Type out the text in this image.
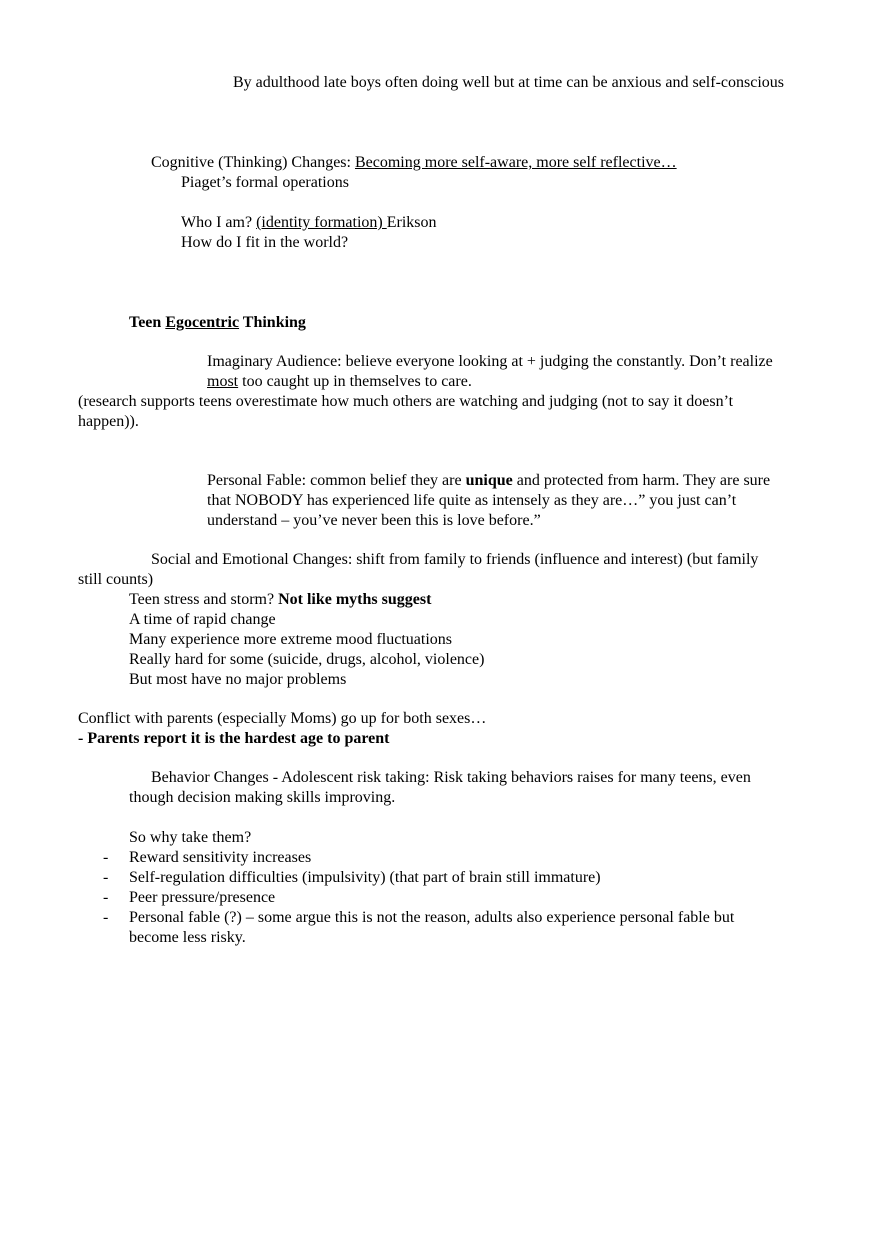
By adulthood late boys often doing well but at time can be anxious and self-conscious

Cognitive (Thinking) Changes: Becoming more self-aware, more self reflective…

Piaget’s formal operations

Who I am? (identity formation) Erikson

How do I fit in the world?

Teen Egocentric Thinking

Imaginary Audience: believe everyone looking at + judging the constantly. Don’t realize

most too caught up in themselves to care.

(research supports teens overestimate how much others are watching and judging (not to say it doesn’t

happen)).

Personal Fable: common belief they are unique and protected from harm. They are sure

that NOBODY has experienced life quite as intensely as they are…” you just can’t

understand – you’ve never been this is love before.”

Social and Emotional Changes: shift from family to friends (influence and interest) (but family

still counts)

Teen stress and storm? Not like myths suggest

A time of rapid change

Many experience more extreme mood fluctuations

Really hard for some (suicide, drugs, alcohol, violence)

But most have no major problems

Conflict with parents (especially Moms) go up for both sexes…

- Parents report it is the hardest age to parent

Behavior Changes - Adolescent risk taking: Risk taking behaviors raises for many teens, even

though decision making skills improving.

So why take them?

- Reward sensitivity increases

- Self-regulation difficulties (impulsivity) (that part of brain still immature)

- Peer pressure/presence

- Personal fable (?) – some argue this is not the reason, adults also experience personal fable but

become less risky.
